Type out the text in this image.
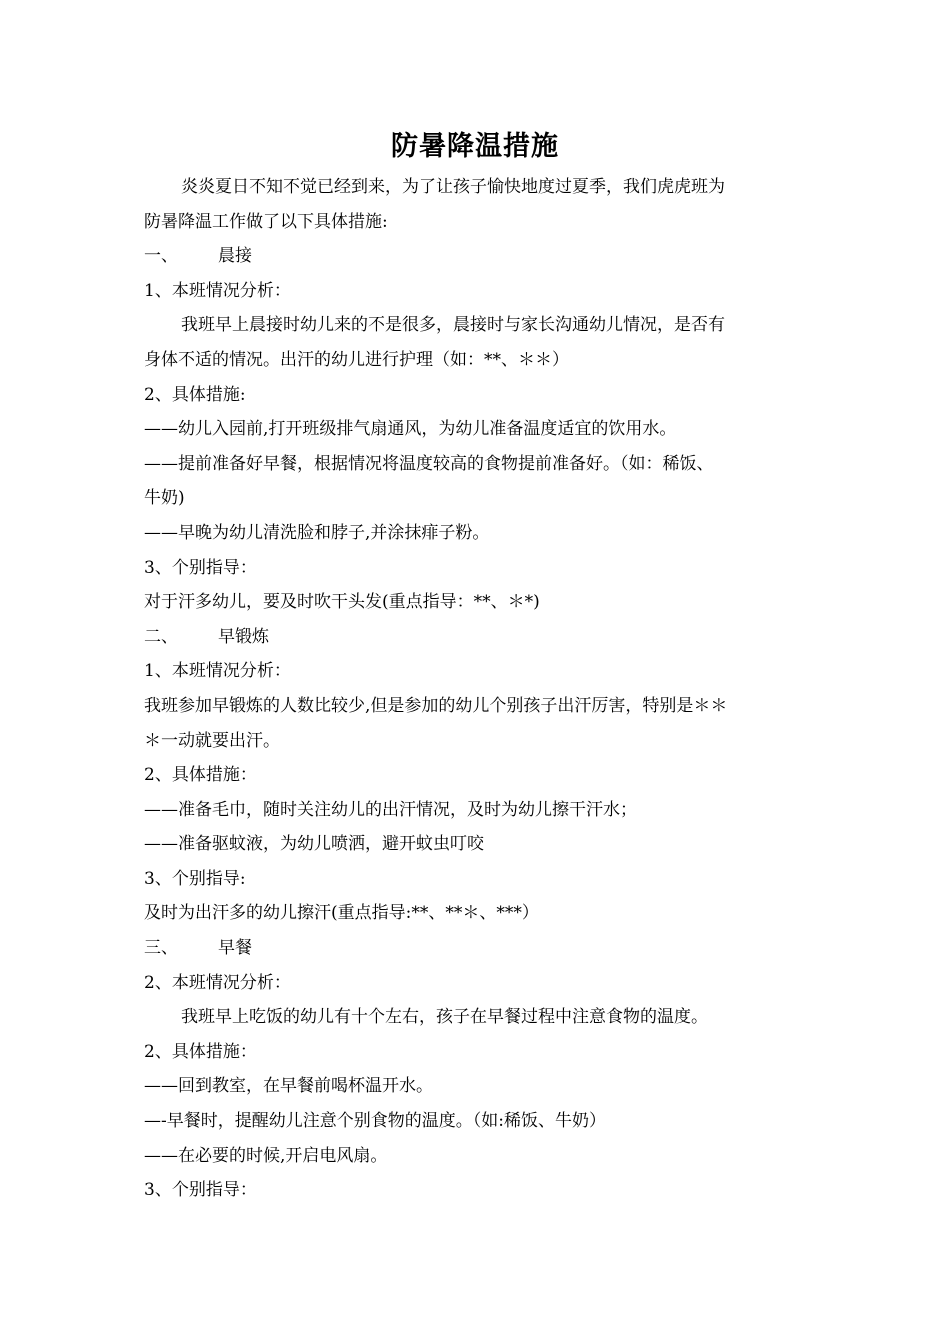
防暑降温措施
炎炎夏日不知不觉已经到来，为了让孩子愉快地度过夏季，我们虎虎班为
防暑降温工作做了以下具体措施:
一、 晨接
1、本班情况分析：
我班早上晨接时幼儿来的不是很多，晨接时与家长沟通幼儿情况，是否有
身体不适的情况。出汗的幼儿进行护理（如：**、＊＊）
2、具体措施:
——幼儿入园前,打开班级排气扇通风，为幼儿准备温度适宜的饮用水。
——提前准备好早餐，根据情况将温度较高的食物提前准备好。（如：稀饭、
牛奶)
——早晚为幼儿清洗脸和脖子,并涂抹痱子粉。
3、个别指导：
对于汗多幼儿，要及时吹干头发(重点指导：**、＊*)
二、 早锻炼
1、本班情况分析：
我班参加早锻炼的人数比较少,但是参加的幼儿个别孩子出汗厉害，特别是＊＊
＊一动就要出汗。
2、具体措施：
——准备毛巾，随时关注幼儿的出汗情况，及时为幼儿擦干汗水；
——准备驱蚊液，为幼儿喷洒，避开蚊虫叮咬
3、个别指导:
及时为出汗多的幼儿擦汗(重点指导:**、**＊、***）
三、 早餐
2、本班情况分析：
我班早上吃饭的幼儿有十个左右，孩子在早餐过程中注意食物的温度。
2、具体措施：
——回到教室，在早餐前喝杯温开水。
—-早餐时，提醒幼儿注意个别食物的温度。（如:稀饭、牛奶）
——在必要的时候,开启电风扇。
3、个别指导：
